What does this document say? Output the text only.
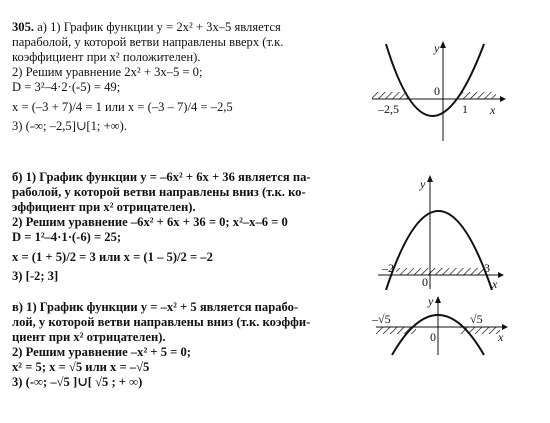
305. а) 1) График функции y = 2x² + 3x–5 является
параболой, у которой ветви направлены вверх (т.к.
коэффициент при x² положителен).
2) Решим уравнение 2x² + 3x–5 = 0;
D = 3²–4·2·(-5) = 49;
x = (–3 + 7)/4 = 1 или x = (–3 – 7)/4 = –2,5
3) (-∞; –2,5]∪[1; +∞).
б) 1) График функции y = –6x² + 6x + 36 является па-
раболой, у которой ветви направлены вниз (т.к. ко-
эффициент при x² отрицателен).
2) Решим уравнение –6x² + 6x + 36 = 0; x²–x–6 = 0
D = 1²–4·1·(-6) = 25;
x = (1 + 5)/2 = 3 или x = (1 – 5)/2 = –2
3) [-2; 3]
в) 1) График функции y = –x² + 5 является парабо-
лой, у которой ветви направлены вниз (т.к. коэффи-
циент при x² отрицателен).
2) Решим уравнение –x² + 5 = 0;
x² = 5; x = √5 или x = –√5
3) (-∞; –√5 ]∪[ √5 ; + ∞)
y
x
0
–2,5	1
y
x
0
–2	3
y
x
0
–√5	√5
